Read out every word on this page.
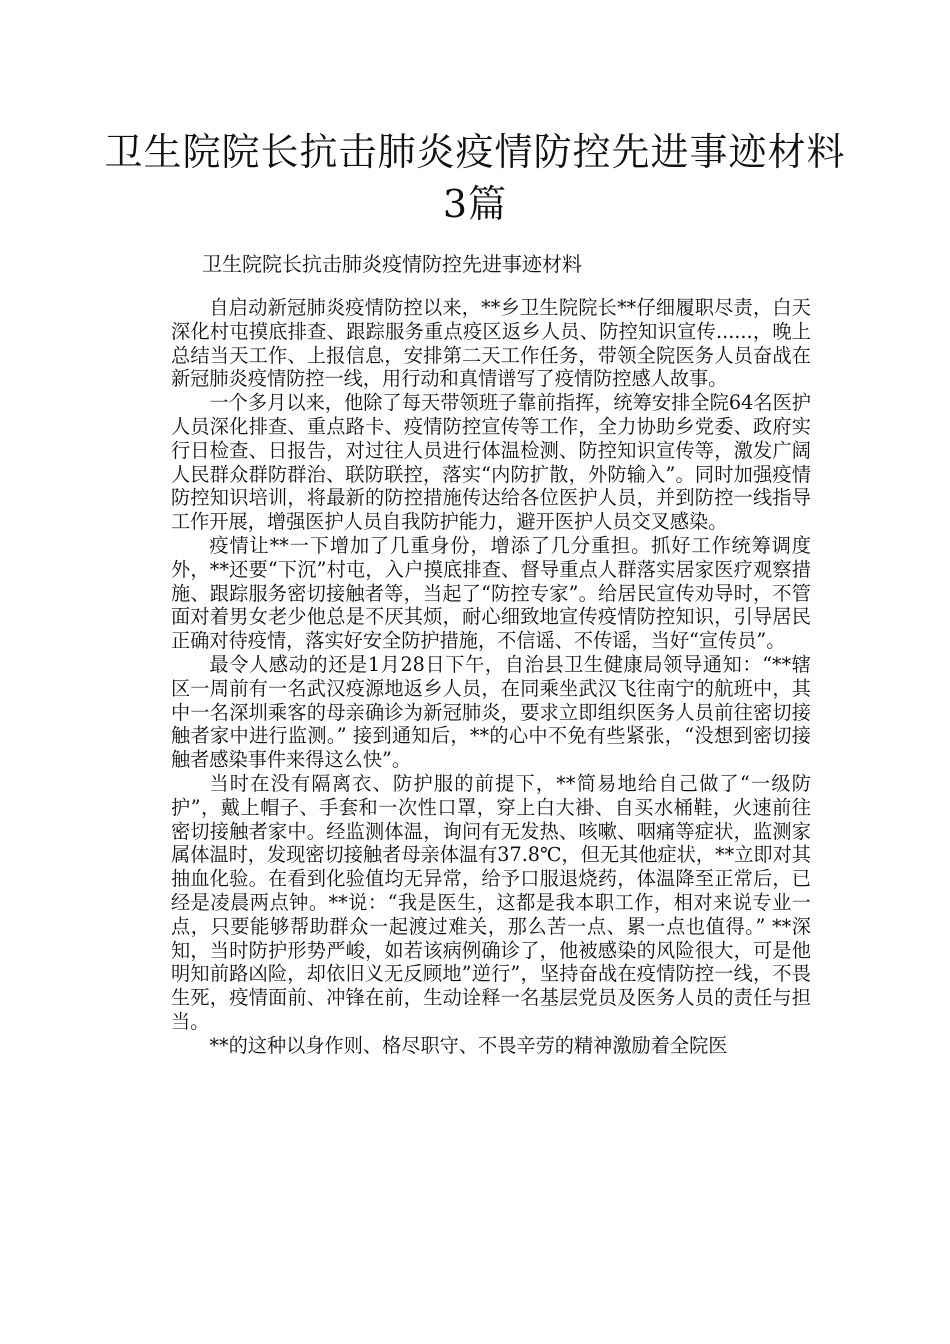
卫生院院长抗击肺炎疫情防控先进事迹材料3篇

卫生院院长抗击肺炎疫情防控先进事迹材料

自启动新冠肺炎疫情防控以来，**乡卫生院院长**仔细履职尽责，白天深化村屯摸底排查、跟踪服务重点疫区返乡人员、防控知识宣传......，晚上总结当天工作、上报信息，安排第二天工作任务，带领全院医务人员奋战在新冠肺炎疫情防控一线，用行动和真情谱写了疫情防控感人故事。

一个多月以来，他除了每天带领班子靠前指挥，统筹安排全院64名医护人员深化排查、重点路卡、疫情防控宣传等工作，全力协助乡党委、政府实行日检查、日报告，对过往人员进行体温检测、防控知识宣传等，激发广阔人民群众群防群治、联防联控，落实“内防扩散，外防输入”。同时加强疫情防控知识培训，将最新的防控措施传达给各位医护人员，并到防控一线指导工作开展，增强医护人员自我防护能力，避开医护人员交叉感染。

疫情让**一下增加了几重身份，增添了几分重担。抓好工作统筹调度外，**还要“下沉”村屯，入户摸底排查、督导重点人群落实居家医疗观察措施、跟踪服务密切接触者等，当起了“防控专家”。给居民宣传劝导时，不管面对着男女老少他总是不厌其烦，耐心细致地宣传疫情防控知识，引导居民正确对待疫情，落实好安全防护措施，不信谣、不传谣，当好“宣传员”。

最令人感动的还是1月28日下午，自治县卫生健康局领导通知：“**辖区一周前有一名武汉疫源地返乡人员，在同乘坐武汉飞往南宁的航班中，其中一名深圳乘客的母亲确诊为新冠肺炎，要求立即组织医务人员前往密切接触者家中进行监测。” 接到通知后，**的心中不免有些紧张，“没想到密切接触者感染事件来得这么快”。

当时在没有隔离衣、防护服的前提下，**简易地给自己做了“一级防护”，戴上帽子、手套和一次性口罩，穿上白大褂、自买水桶鞋，火速前往密切接触者家中。经监测体温，询问有无发热、咳嗽、咽痛等症状，监测家属体温时，发现密切接触者母亲体温有37.8℃，但无其他症状，**立即对其抽血化验。在看到化验值均无异常，给予口服退烧药，体温降至正常后，已经是凌晨两点钟。**说：“我是医生，这都是我本职工作，相对来说专业一点，只要能够帮助群众一起渡过难关，那么苦一点、累一点也值得。” **深知，当时防护形势严峻，如若该病例确诊了，他被感染的风险很大，可是他明知前路凶险，却依旧义无反顾地”逆行”，坚持奋战在疫情防控一线，不畏生死，疫情面前、冲锋在前，生动诠释一名基层党员及医务人员的责任与担当。

**的这种以身作则、格尽职守、不畏辛劳的精神激励着全院医
